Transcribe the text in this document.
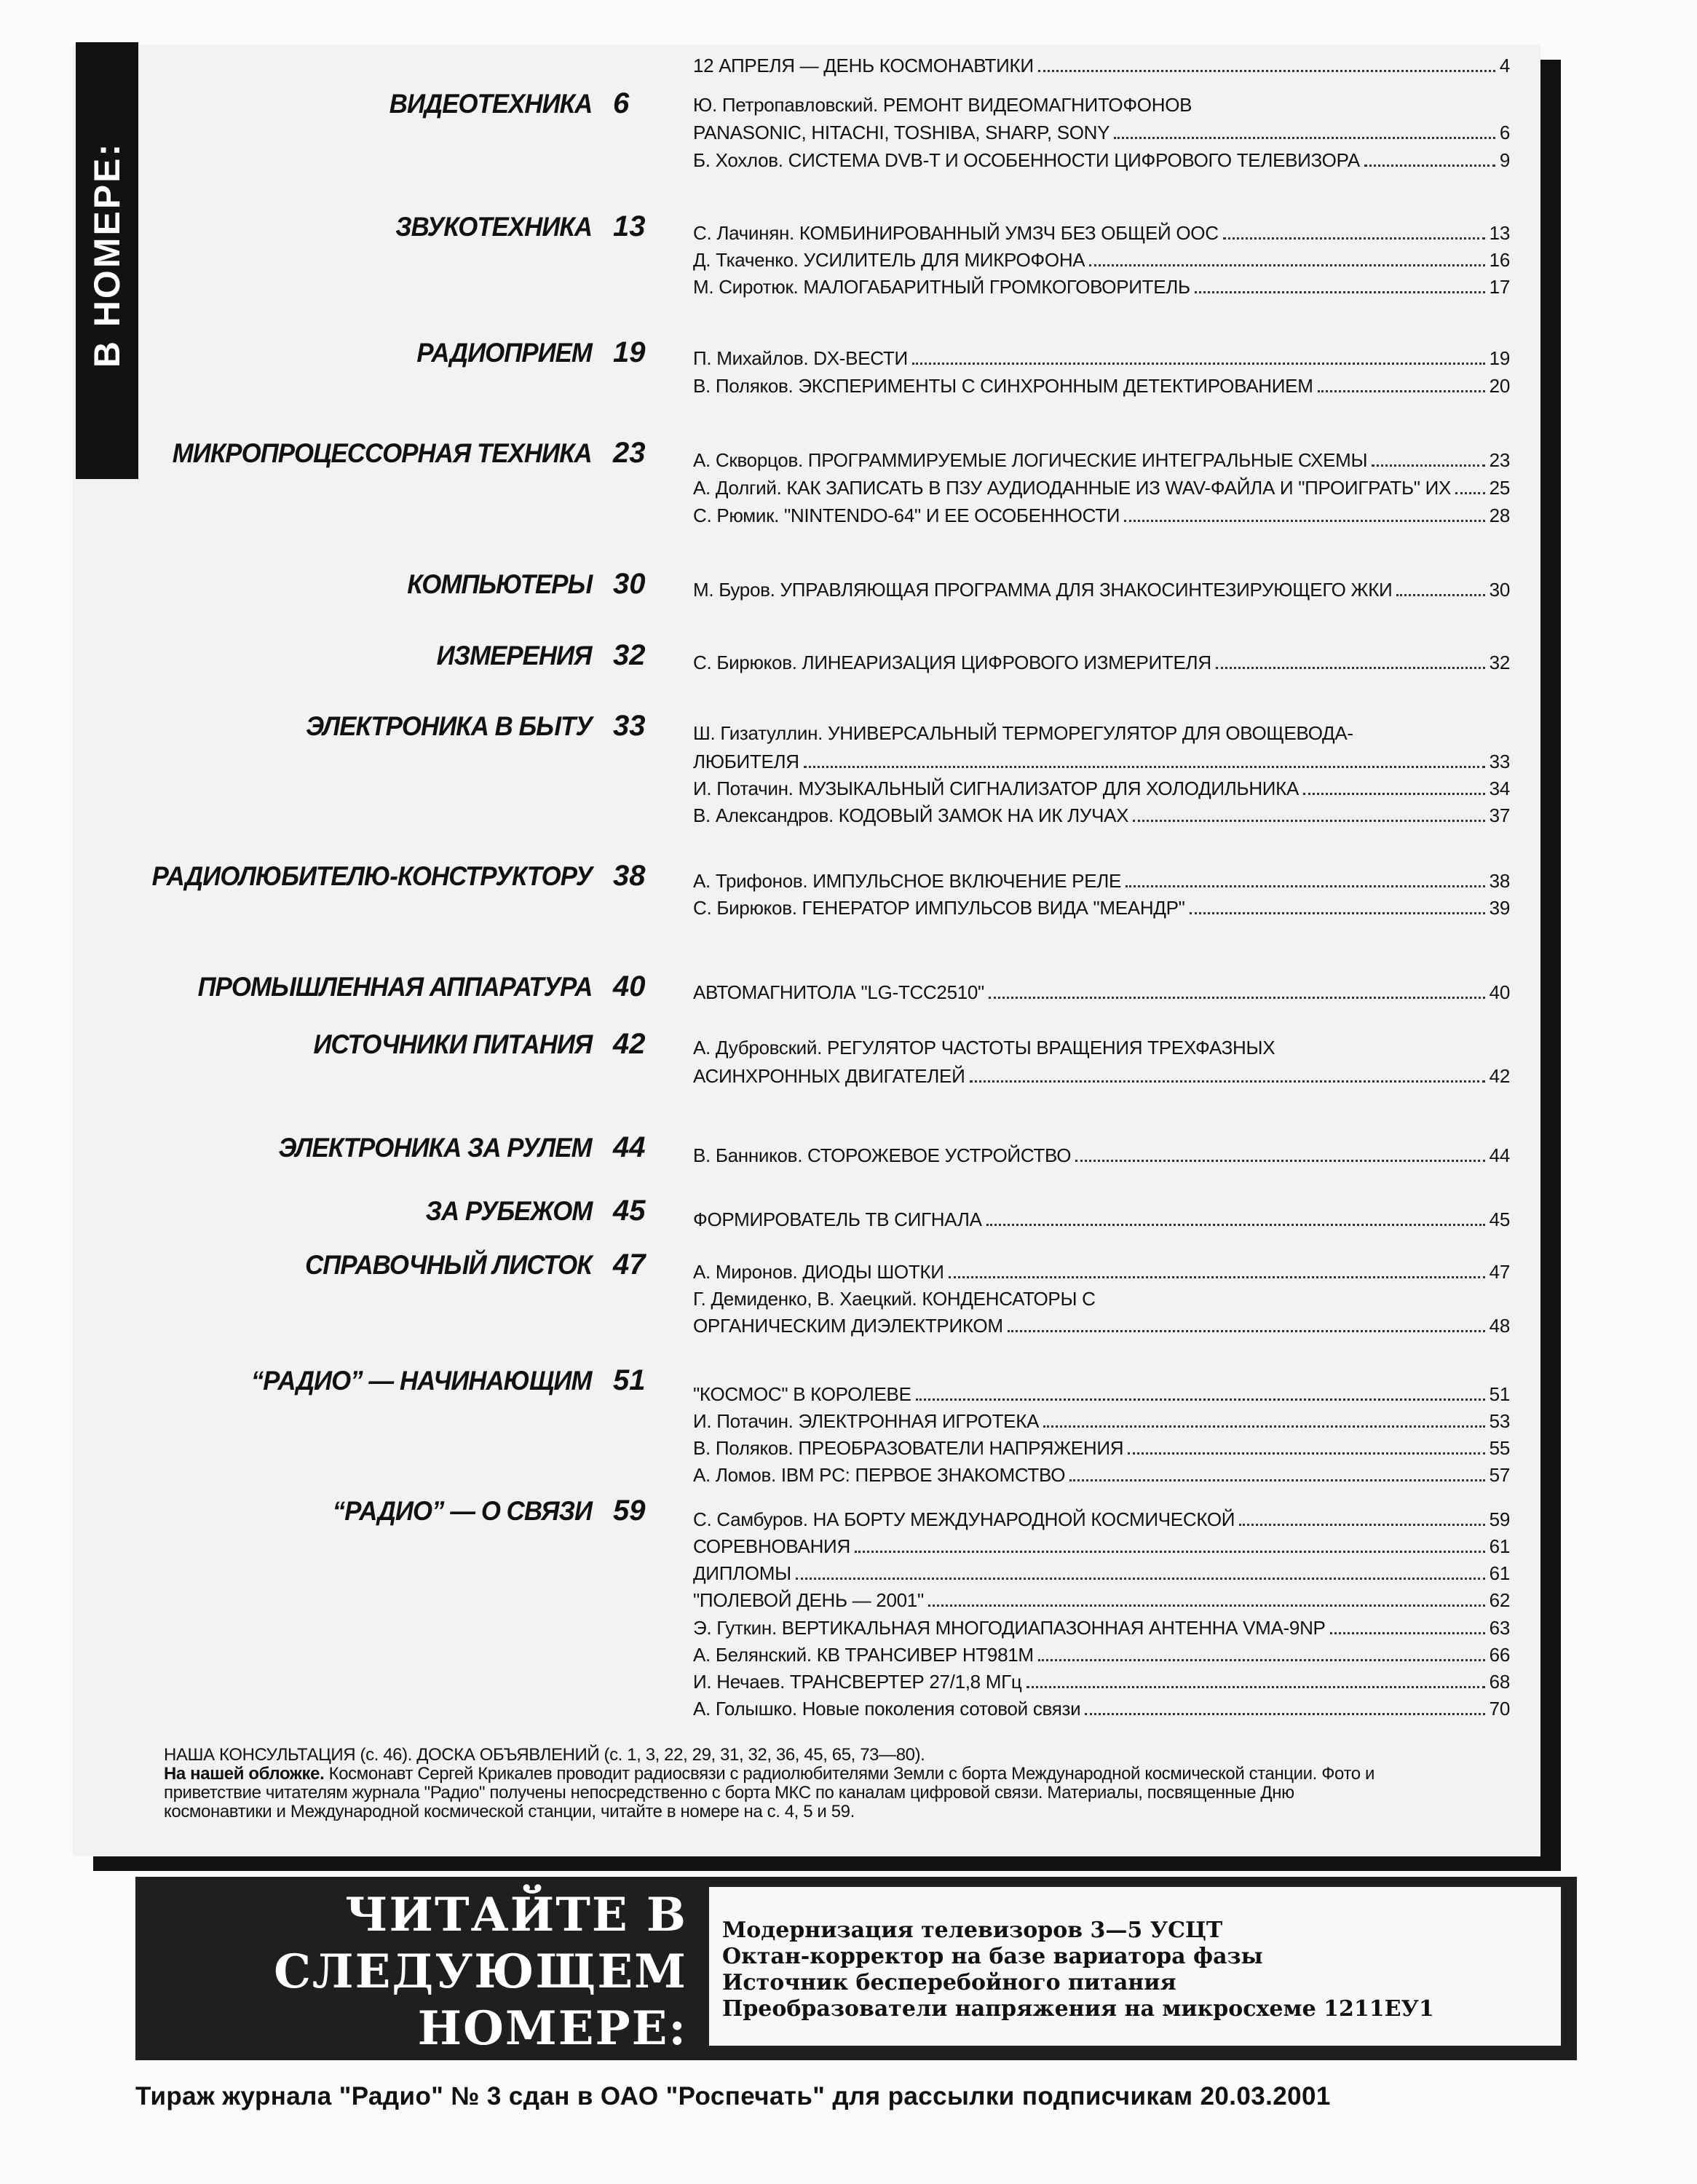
В НОМЕРЕ:
12 АПРЕЛЯ — ДЕНЬ КОСМОНАВТИКИ	4
ВИДЕОТЕХНИКА 6	Ю. Петропавловский. РЕМОНТ ВИДЕОМАГНИТОФОНОВ
PANASONIC, HITACHI, TOSHIBA, SHARP, SONY	6
Б. Хохлов. СИСТЕМА DVB-T И ОСОБЕННОСТИ ЦИФРОВОГО ТЕЛЕВИЗОРА	9
ЗВУКОТЕХНИКА 13	С. Лачинян. КОМБИНИРОВАННЫЙ УМЗЧ БЕЗ ОБЩЕЙ ООС	13
Д. Ткаченко. УСИЛИТЕЛЬ ДЛЯ МИКРОФОНА	16
М. Сиротюк. МАЛОГАБАРИТНЫЙ ГРОМКОГОВОРИТЕЛЬ	17
РАДИОПРИЕМ 19	П. Михайлов. DX-ВЕСТИ	19
В. Поляков. ЭКСПЕРИМЕНТЫ С СИНХРОННЫМ ДЕТЕКТИРОВАНИЕМ	20
МИКРОПРОЦЕССОРНАЯ ТЕХНИКА 23	А. Скворцов. ПРОГРАММИРУЕМЫЕ ЛОГИЧЕСКИЕ ИНТЕГРАЛЬНЫЕ СХЕМЫ	23
А. Долгий. КАК ЗАПИСАТЬ В ПЗУ АУДИОДАННЫЕ ИЗ WAV-ФАЙЛА И "ПРОИГРАТЬ" ИХ 25
С. Рюмик. "NINTENDO-64" И ЕЕ ОСОБЕННОСТИ	28
КОМПЬЮТЕРЫ 30	М. Буров. УПРАВЛЯЮЩАЯ ПРОГРАММА ДЛЯ ЗНАКОСИНТЕЗИРУЮЩЕГО ЖКИ	30
ИЗМЕРЕНИЯ 32	С. Бирюков. ЛИНЕАРИЗАЦИЯ ЦИФРОВОГО ИЗМЕРИТЕЛЯ	32
ЭЛЕКТРОНИКА В БЫТУ 33	Ш. Гизатуллин. УНИВЕРСАЛЬНЫЙ ТЕРМОРЕГУЛЯТОР ДЛЯ ОВОЩЕВОДА-
ЛЮБИТЕЛЯ	33
И. Потачин. МУЗЫКАЛЬНЫЙ СИГНАЛИЗАТОР ДЛЯ ХОЛОДИЛЬНИКА	34
В. Александров. КОДОВЫЙ ЗАМОК НА ИК ЛУЧАХ	37
РАДИОЛЮБИТЕЛЮ-КОНСТРУКТОРУ 38	А. Трифонов. ИМПУЛЬСНОЕ ВКЛЮЧЕНИЕ РЕЛЕ	38
С. Бирюков. ГЕНЕРАТОР ИМПУЛЬСОВ ВИДА "МЕАНДР"	39
ПРОМЫШЛЕННАЯ АППАРАТУРА 40	АВТОМАГНИТОЛА "LG-TCC2510"	40
ИСТОЧНИКИ ПИТАНИЯ 42	А. Дубровский. РЕГУЛЯТОР ЧАСТОТЫ ВРАЩЕНИЯ ТРЕХФАЗНЫХ
АСИНХРОННЫХ ДВИГАТЕЛЕЙ	42
ЭЛЕКТРОНИКА ЗА РУЛЕМ 44	В. Банников. СТОРОЖЕВОЕ УСТРОЙСТВО	44
ЗА РУБЕЖОМ 45	ФОРМИРОВАТЕЛЬ ТВ СИГНАЛА	45
СПРАВОЧНЫЙ ЛИСТОК 47	А. Миронов. ДИОДЫ ШОТКИ	47
Г. Демиденко, В. Хаецкий. КОНДЕНСАТОРЫ С
ОРГАНИЧЕСКИМ ДИЭЛЕКТРИКОМ	48
“РАДИО” — НАЧИНАЮЩИМ 51	"КОСМОС" В КОРОЛЕВЕ	51
И. Потачин. ЭЛЕКТРОННАЯ ИГРОТЕКА	53
В. Поляков. ПРЕОБРАЗОВАТЕЛИ НАПРЯЖЕНИЯ	55
А. Ломов. IBM PC: ПЕРВОЕ ЗНАКОМСТВО	57
“РАДИО” — О СВЯЗИ 59	С. Самбуров. НА БОРТУ МЕЖДУНАРОДНОЙ КОСМИЧЕСКОЙ	59
СОРЕВНОВАНИЯ	61
ДИПЛОМЫ	61
"ПОЛЕВОЙ ДЕНЬ — 2001"	62
Э. Гуткин. ВЕРТИКАЛЬНАЯ МНОГОДИАПАЗОННАЯ АНТЕННА VMA-9NP	63
А. Белянский. КВ ТРАНСИВЕР HT981M	66
И. Нечаев. ТРАНСВЕРТЕР 27/1,8 МГц	68
А. Голышко. Новые поколения сотовой связи	70
НАША КОНСУЛЬТАЦИЯ (с. 46). ДОСКА ОБЪЯВЛЕНИЙ (с. 1, 3, 22, 29, 31, 32, 36, 45, 65, 73—80).
На нашей обложке. Космонавт Сергей Крикалев проводит радиосвязи с радиолюбителями Земли с борта Международной космической станции. Фото и приветствие читателям журнала "Радио" получены непосредственно с борта МКС по каналам цифровой связи. Материалы, посвященные Дню космонавтики и Международной космической станции, читайте в номере на с. 4, 5 и 59.
ЧИТАЙТЕ В
СЛЕДУЮЩЕМ
НОМЕРЕ:
Модернизация телевизоров 3—5 УСЦТ
Октан-корректор на базе вариатора фазы
Источник бесперебойного питания
Преобразователи напряжения на микросхеме 1211ЕУ1
Тираж журнала "Радио" № 3 сдан в ОАО "Роспечать" для рассылки подписчикам 20.03.2001
